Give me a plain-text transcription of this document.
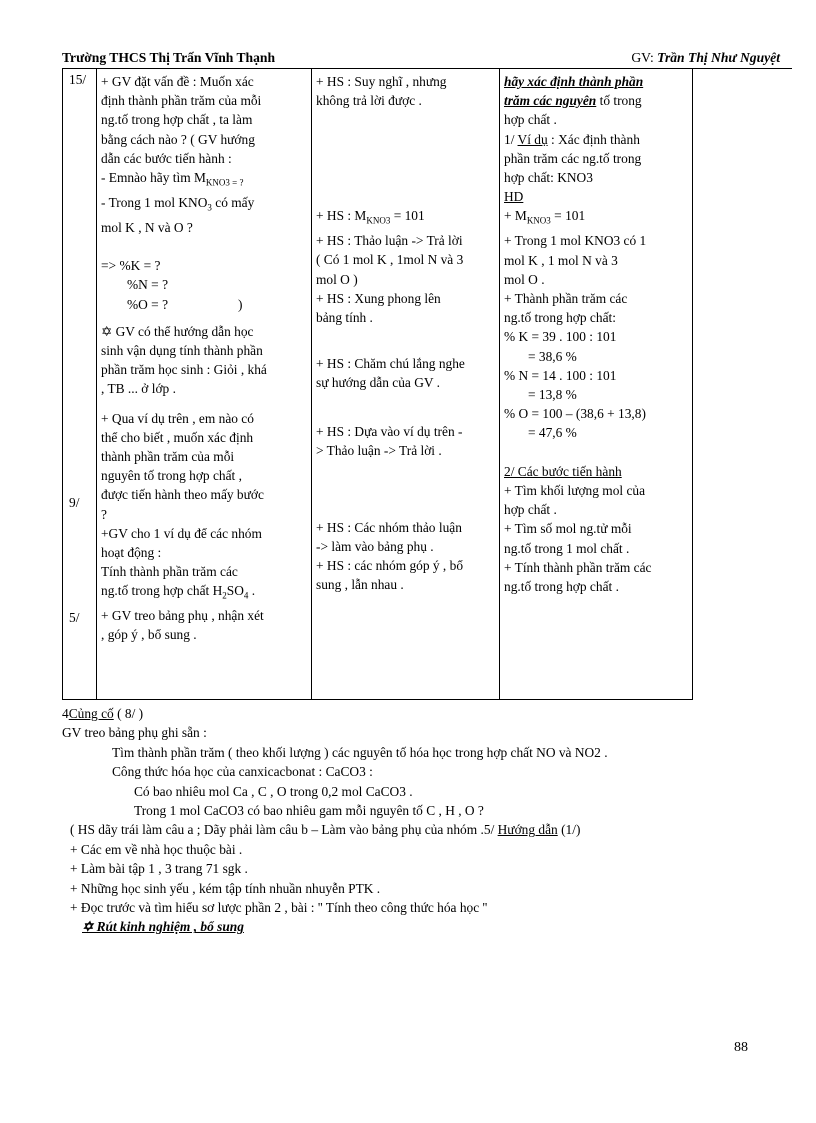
Trường THCS Thị Trấn Vĩnh Thạnh	GV: Trần Thị Như Nguyệt
15/
9/
5/
+ GV đặt vấn đề : Muốn xác
định thành phần trăm của mỗi
ng.tố trong hợp chất , ta làm
bằng cách nào ? ( GV hướng
dẫn các bước tiến hành :
- Emnào hãy tìm $M_{KNO3 = ?}$
- Trong 1 mol $KNO_3$ có mấy
mol K , N và O ?
=> %K = ?
%N = ?
%O = ?	)
✡ GV có thể hướng dẫn học
sinh vận dụng tính thành phần
phần trăm học sinh : Giỏi , khá
, TB ... ở lớp .
+ Qua ví dụ trên , em nào có
thể cho biết , muốn xác định
thành phần trăm của mỗi
nguyên tố trong hợp chất ,
được tiến hành theo mấy bước
?
+GV cho 1 ví dụ để các nhóm
hoạt động :
Tính thành phần trăm các
ng.tố trong hợp chất $H_2SO_4$ .
+ GV treo bảng phụ , nhận xét
, góp ý , bổ sung .
+ HS : Suy nghĩ , nhưng
không trả lời được .
+ HS : $M_{KNO3} = 101$
+ HS : Thảo luận -> Trả lời
( Có 1 mol K , 1mol N và 3
mol O )
+ HS : Xung phong lên
bảng tính .
+ HS : Chăm chú lắng nghe
sự hướng dẫn của GV .
+ HS : Dựa vào ví dụ trên -
> Thảo luận -> Trả lời .
+ HS : Các nhóm thảo luận
-> làm vào bảng phụ .
+ HS : các nhóm góp ý , bổ
sung , lẫn nhau .
hãy xác định thành phần
trăm các nguyên tố trong
hợp chất .
1/ Ví dụ : Xác định thành
phần trăm các ng.tố trong
hợp chất: KNO3
HD
+ $M_{KNO3} = 101$
+ Trong 1 mol KNO3 có 1
mol K , 1 mol N và 3
mol O .
+ Thành phần trăm các
ng.tố trong hợp chất:
% K = 39 . 100 : 101
= 38,6 %
% N = 14 . 100 : 101
= 13,8 %
% O = 100 – (38,6 + 13,8)
= 47,6 %
2/ Các bước tiến hành
+ Tìm khối lượng mol của
hợp chất .
+ Tìm số mol ng.tử mỗi
ng.tố trong 1 mol chất .
+ Tính thành phần trăm các
ng.tố trong hợp chất .
4Củng cố ( 8/ )
GV treo bảng phụ ghi sẵn :
Tìm thành phần trăm ( theo khối lượng ) các nguyên tố hóa học trong hợp chất NO và NO2 .
Công thức hóa học của canxicacbonat : CaCO3 :
Có bao nhiêu mol Ca , C , O trong 0,2 mol CaCO3 .
Trong 1 mol CaCO3 có bao nhiêu gam mỗi nguyên tố C , H , O ?
( HS dãy trái làm câu a ; Dãy phải làm câu b – Làm vào bảng phụ của nhóm .5/ Hướng dẫn (1/)
+ Các em về nhà học thuộc bài .
+ Làm bài tập 1 , 3 trang 71 sgk .
+ Những học sinh yếu , kém tập tính nhuần nhuyễn PTK .
+ Đọc trước và tìm hiểu sơ lược phần 2 , bài : '' Tính theo công thức hóa học ''
✡ Rút kinh nghiệm , bổ sung
88
